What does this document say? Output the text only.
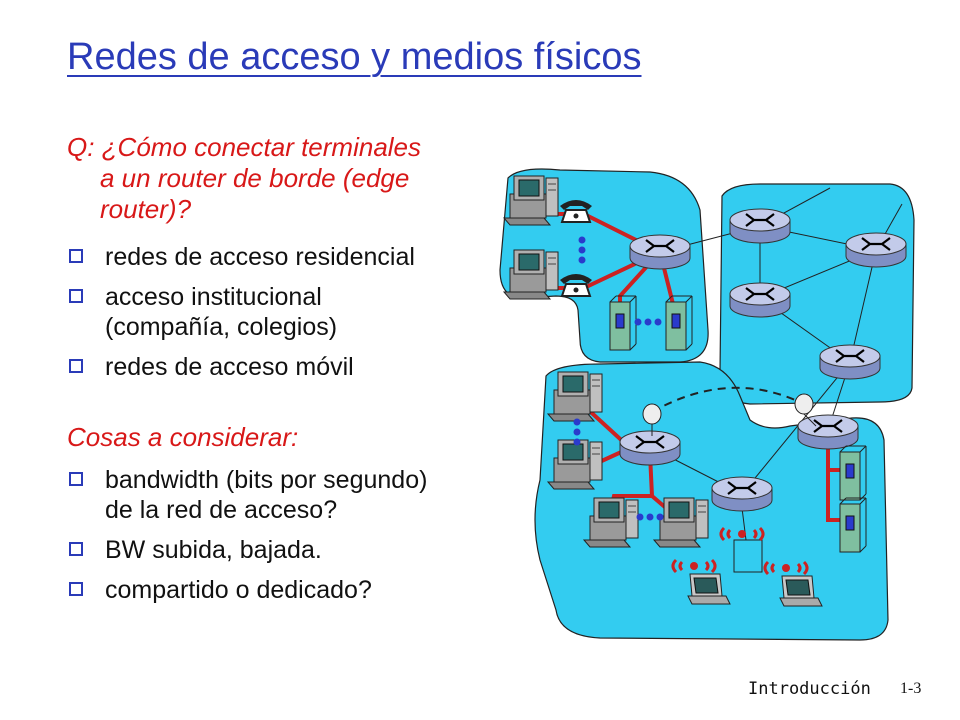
Redes de acceso y medios físicos
Q: ¿Cómo conectar terminales
a un router de borde (edge
router)?
redes de acceso residencial
acceso institucional
(compañía, colegios)
redes de acceso móvil
Cosas a considerar:
bandwidth (bits por segundo)
de la red de acceso?
BW subida, bajada.
compartido o dedicado?
Introducción 1-3
